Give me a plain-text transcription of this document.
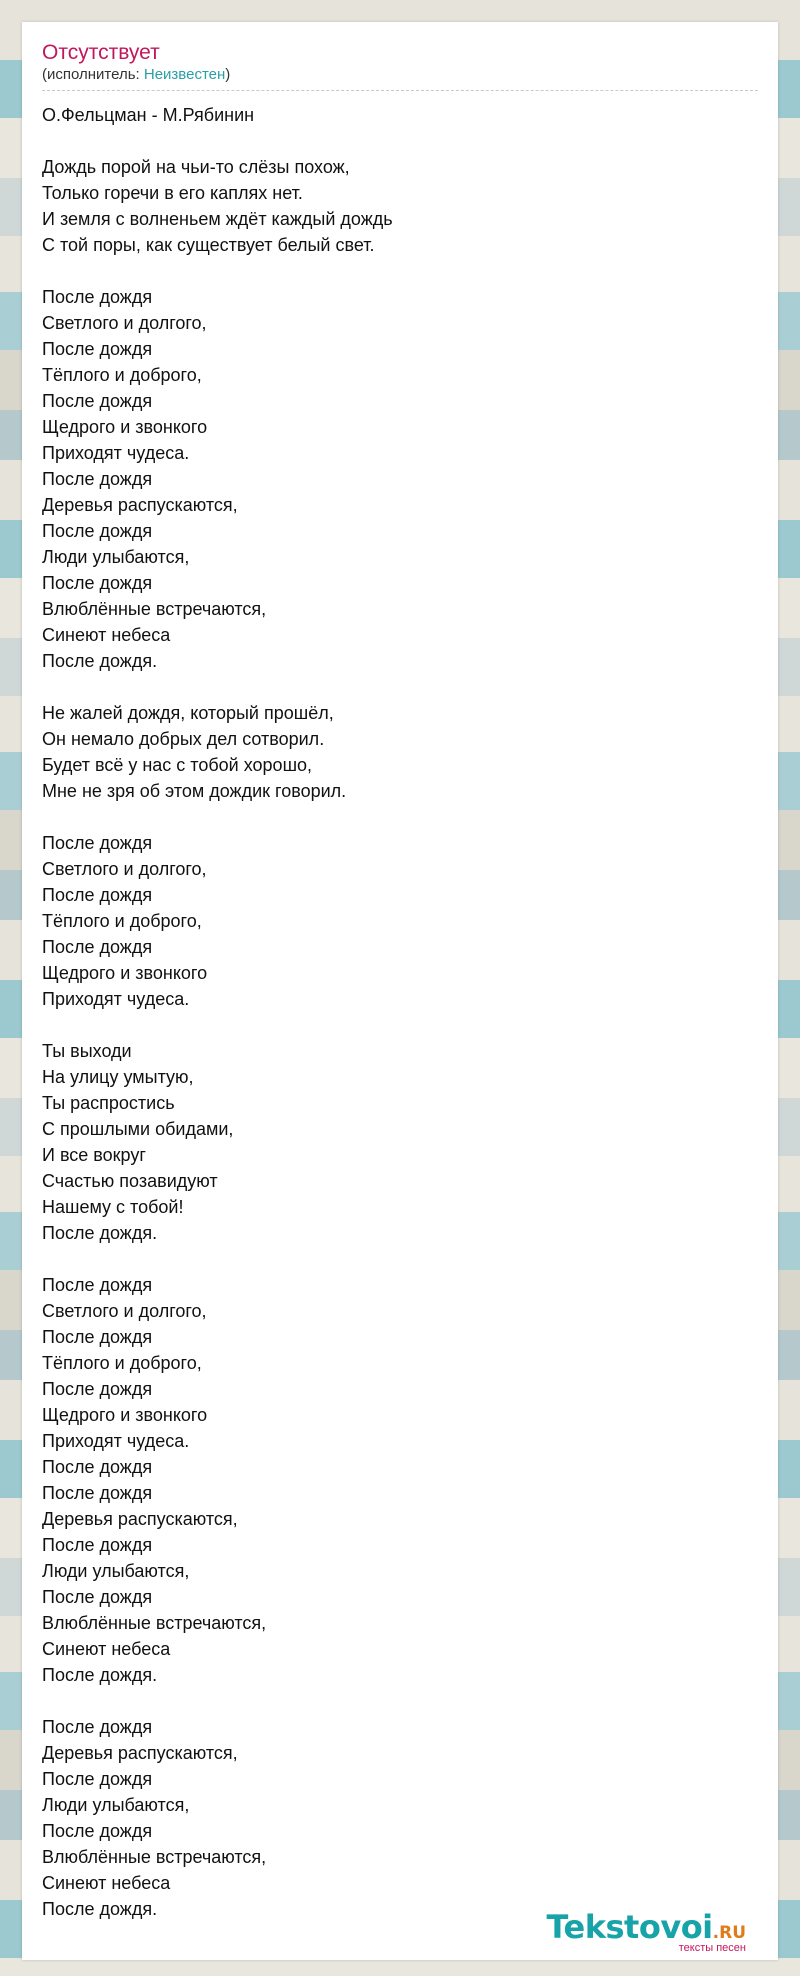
Отсутствует
(исполнитель: Неизвестен)
О.Фельцман - М.Рябинин
Дождь порой на чьи-то слёзы похож,
Только горечи в его каплях нет.
И земля с волненьем ждёт каждый дождь
С той поры, как существует белый свет.
После дождя
Светлого и долгого,
После дождя
Тёплого и доброго,
После дождя
Щедрого и звонкого
Приходят чудеса.
После дождя
Деревья распускаются,
После дождя
Люди улыбаются,
После дождя
Влюблённые встречаются,
Синеют небеса
После дождя.
Не жалей дождя, который прошёл,
Он немало добрых дел сотворил.
Будет всё у нас с тобой хорошо,
Мне не зря об этом дождик говорил.
После дождя
Светлого и долгого,
После дождя
Тёплого и доброго,
После дождя
Щедрого и звонкого
Приходят чудеса.
Ты выходи
На улицу умытую,
Ты распростись
С прошлыми обидами,
И все вокруг
Счастью позавидуют
Нашему с тобой!
После дождя.
После дождя
Светлого и долгого,
После дождя
Тёплого и доброго,
После дождя
Щедрого и звонкого
Приходят чудеса.
После дождя
После дождя
Деревья распускаются,
После дождя
Люди улыбаются,
После дождя
Влюблённые встречаются,
Синеют небеса
После дождя.
После дождя
Деревья распускаются,
После дождя
Люди улыбаются,
После дождя
Влюблённые встречаются,
Синеют небеса
После дождя.	Tekstovoi.RU
тексты песен
